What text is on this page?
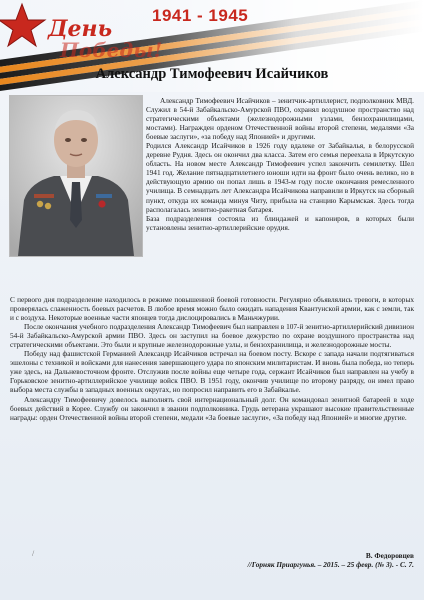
День
Победы!
1941 - 1945
Александр Тимофеевич Исайчиков

Александр Тимофеевич Исайчиков – зенитчик-артиллерист, подполковник МВД. Служил в 54-й Забайкальско-Амурской ПВО, охранял воздушное пространство над стратегическими объектами (железнодорожными узлами, бензохранилищами, мостами). Награжден орденом Отечественной войны второй степени, медалями «За боевые заслуги», «за победу над Японией» и другими.

Родился Александр Исайчиков в 1926 году вдалеке от Забайкалья, в белорусской деревне Рудня. Здесь он окончил два класса. Затем его семья переехала в Иркутскую область. На новом месте Александр Тимофеевич успел закончить семилетку. Шел 1941 год. Желание пятнадцатилетнего юноши идти на фронт было очень велико, но в действующую армию он попал лишь в 1943-м году после окончания ремесленного училища. В семнадцать лет Александра Исайчикова направили в Иркутск на сборный пункт, откуда их команда минуя Читу, прибыла на станцию Карымская. Здесь тогда располагалась зенитно-ракетная батарея.

База подразделения состояла из блиндажей и капониров, в которых были установлены зенитно-артиллерийские орудия.

С первого дня подразделение находилось в режиме повышенной боевой готовности. Регулярно объявлялись тревоги, в которых проверялась слаженность боевых расчетов. В любое время можно было ожидать нападения Квантунской армии, как с земли, так и с воздуха. Некоторые военные части японцев тогда дислоцировались в Маньчжурии.

После окончания учебного подразделения Александр Тимофеевич был направлен в 107-й зенитно-артиллерийский дивизион 54-й Забайкальско-Амурской армии ПВО. Здесь он заступил на боевое дежурство по охране воздушного пространства над стратегическими объектами. Это были и крупные железнодорожные узлы, и бензохранилища, и железнодорожные мосты.

Победу над фашистской Германией Александр Исайчиков встречал на боевом посту. Вскоре с запада начали подтягиваться эшелоны с техникой и войсками для нанесения завершающего удара по японским милитаристам. И вновь была победа, но теперь уже здесь, на Дальневосточном фронте. Отслужив после войны еще четыре года, сержант Исайчиков был направлен на учебу в Горьковское зенитно-артиллерийское училище войск ПВО. В 1951 году, окончив училище по второму разряду, он имел право выбора места службы в западных военных округах, но попросил направить его в Забайкалье.

Александру Тимофеевичу довелось выполнять свой интернациональный долг. Он командовал зенитной батареей в ходе боевых действий в Корее. Службу он закончил в звании подполковника. Грудь ветерана украшают высокие правительственные награды: орден Отечественной войны второй степени, медали «За боевые заслуги», «За победу над Японией» и многие другие.

В. Федоровцев
//Горняк Приаргунья. – 2015. – 25 февр. (№ 3). - С. 7.
/
